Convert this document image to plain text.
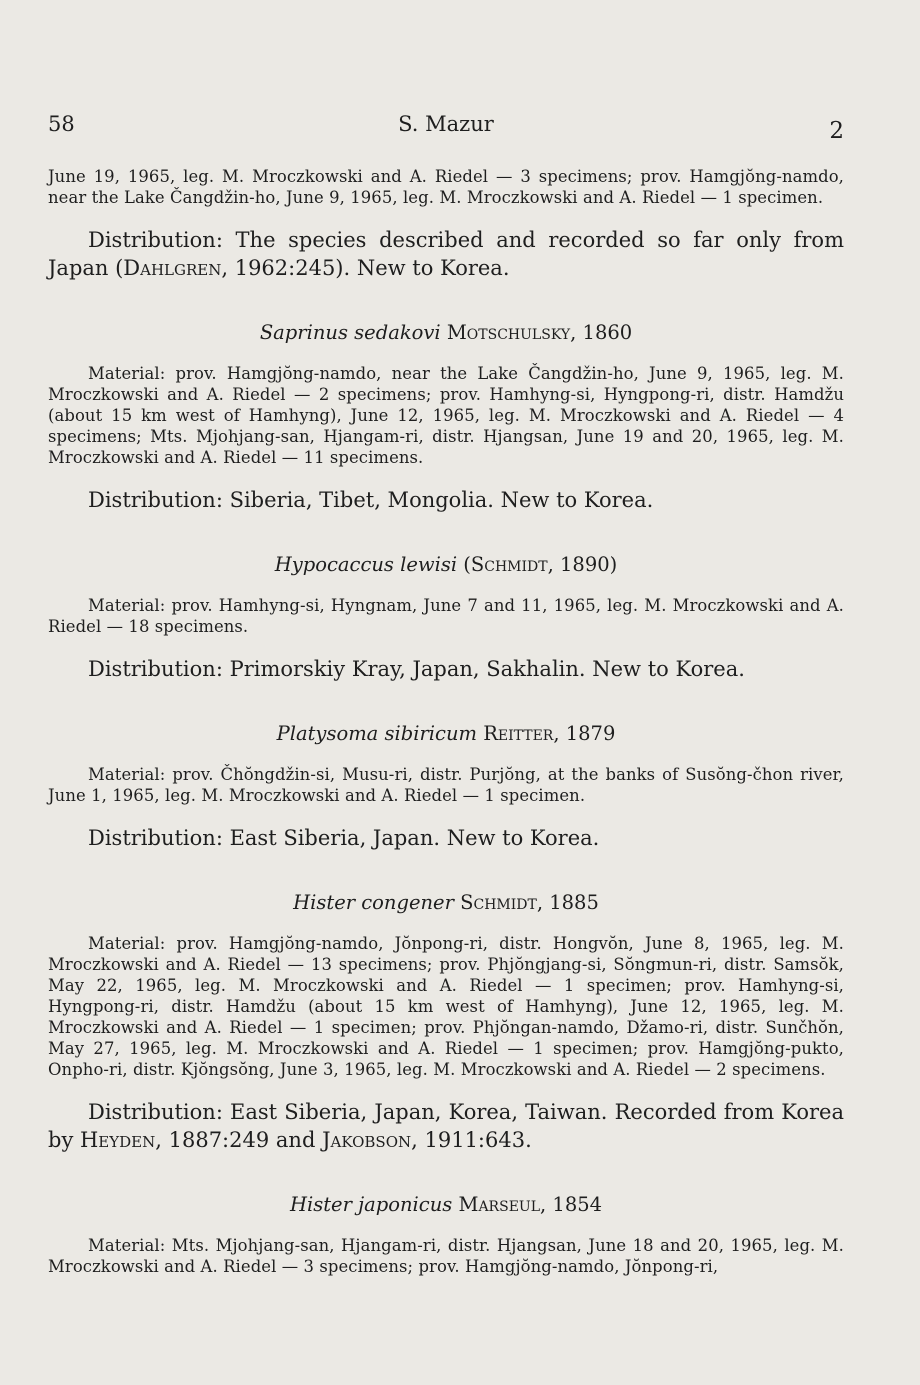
58	S. Mazur	2

June 19, 1965, leg. M. Mroczkowski and A. Riedel — 3 specimens; prov. Hamgjŏng-namdo, near the Lake Čangdžin-ho, June 9, 1965, leg. M. Mroczkowski and A. Riedel — 1 specimen.

Distribution: The species described and recorded so far only from Japan (Dahlgren, 1962:245). New to Korea.

Saprinus sedakovi Motschulsky, 1860

Material: prov. Hamgjŏng-namdo, near the Lake Čangdžin-ho, June 9, 1965, leg. M. Mroczkowski and A. Riedel — 2 specimens; prov. Hamhyng-si, Hyngpong-ri, distr. Hamdžu (about 15 km west of Hamhyng), June 12, 1965, leg. M. Mroczkowski and A. Riedel — 4 specimens; Mts. Mjohjang-san, Hjangam-ri, distr. Hjangsan, June 19 and 20, 1965, leg. M. Mroczkowski and A. Riedel — 11 specimens.

Distribution: Siberia, Tibet, Mongolia. New to Korea.

Hypocaccus lewisi (Schmidt, 1890)

Material: prov. Hamhyng-si, Hyngnam, June 7 and 11, 1965, leg. M. Mroczkowski and A. Riedel — 18 specimens.

Distribution: Primorskiy Kray, Japan, Sakhalin. New to Korea.

Platysoma sibiricum Reitter, 1879

Material: prov. Čhŏngdžin-si, Musu-ri, distr. Purjŏng, at the banks of Susŏng-čhon river, June 1, 1965, leg. M. Mroczkowski and A. Riedel — 1 specimen.

Distribution: East Siberia, Japan. New to Korea.

Hister congener Schmidt, 1885

Material: prov. Hamgjŏng-namdo, Jŏnpong-ri, distr. Hongvŏn, June 8, 1965, leg. M. Mroczkowski and A. Riedel — 13 specimens; prov. Phjŏngjang-si, Sŏngmun-ri, distr. Samsŏk, May 22, 1965, leg. M. Mroczkowski and A. Riedel — 1 specimen; prov. Hamhyng-si, Hyngpong-ri, distr. Hamdžu (about 15 km west of Hamhyng), June 12, 1965, leg. M. Mroczkowski and A. Riedel — 1 specimen; prov. Phjŏngan-namdo, Džamo-ri, distr. Sunčhŏn, May 27, 1965, leg. M. Mroczkowski and A. Riedel — 1 specimen; prov. Hamgjŏng-pukto, Onpho-ri, distr. Kjŏngsŏng, June 3, 1965, leg. M. Mroczkowski and A. Riedel — 2 specimens.

Distribution: East Siberia, Japan, Korea, Taiwan. Recorded from Korea by Heyden, 1887:249 and Jakobson, 1911:643.

Hister japonicus Marseul, 1854

Material: Mts. Mjohjang-san, Hjangam-ri, distr. Hjangsan, June 18 and 20, 1965, leg. M. Mroczkowski and A. Riedel — 3 specimens; prov. Hamgjŏng-namdo, Jŏnpong-ri,
